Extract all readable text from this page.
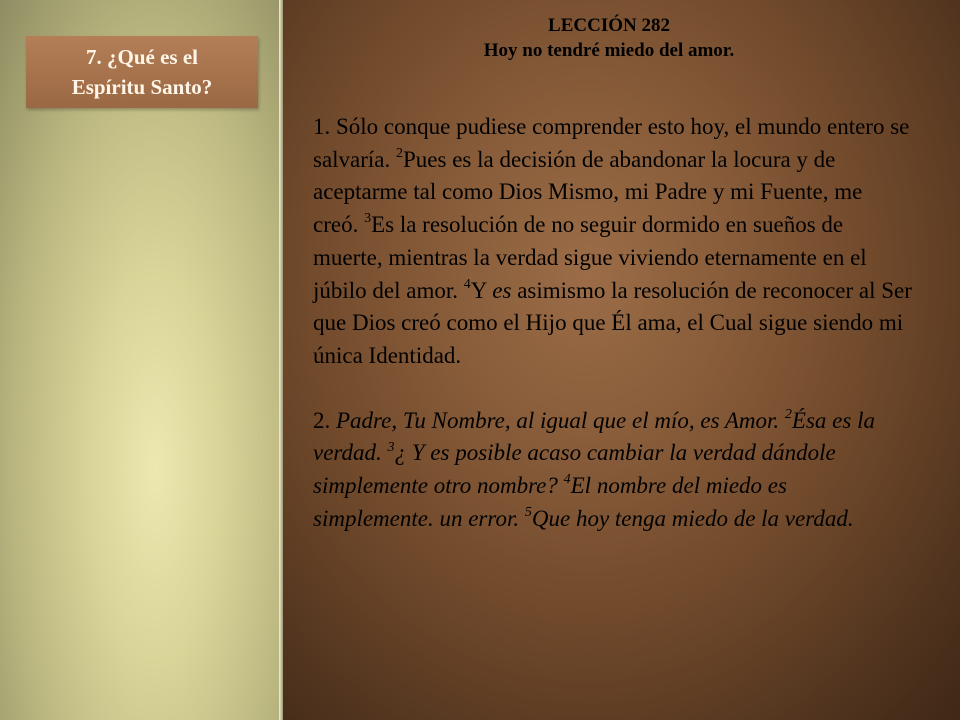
7. ¿Qué es el
Espíritu Santo?
LECCIÓN 282
Hoy no tendré miedo del amor.

1. Sólo conque pudiese comprender esto hoy, el mundo entero se salvaría. $^2$Pues es la decisión de abandonar la locura y de aceptarme tal como Dios Mismo, mi Padre y mi Fuente, me creó. $^3$Es la resolución de no seguir dormido en sueños de muerte, mientras la verdad sigue viviendo eternamente en el júbilo del amor. $^4$Y es asimismo la resolución de reconocer al Ser que Dios creó como el Hijo que Él ama, el Cual sigue siendo mi única Identidad.

2. Padre, Tu Nombre, al igual que el mío, es Amor. $^2$Ésa es la verdad. $^3$¿ Y es posible acaso cambiar la verdad dándole simplemente otro nombre? $^4$El nombre del miedo es simplemente. un error. $^5$Que hoy tenga miedo de la verdad.
